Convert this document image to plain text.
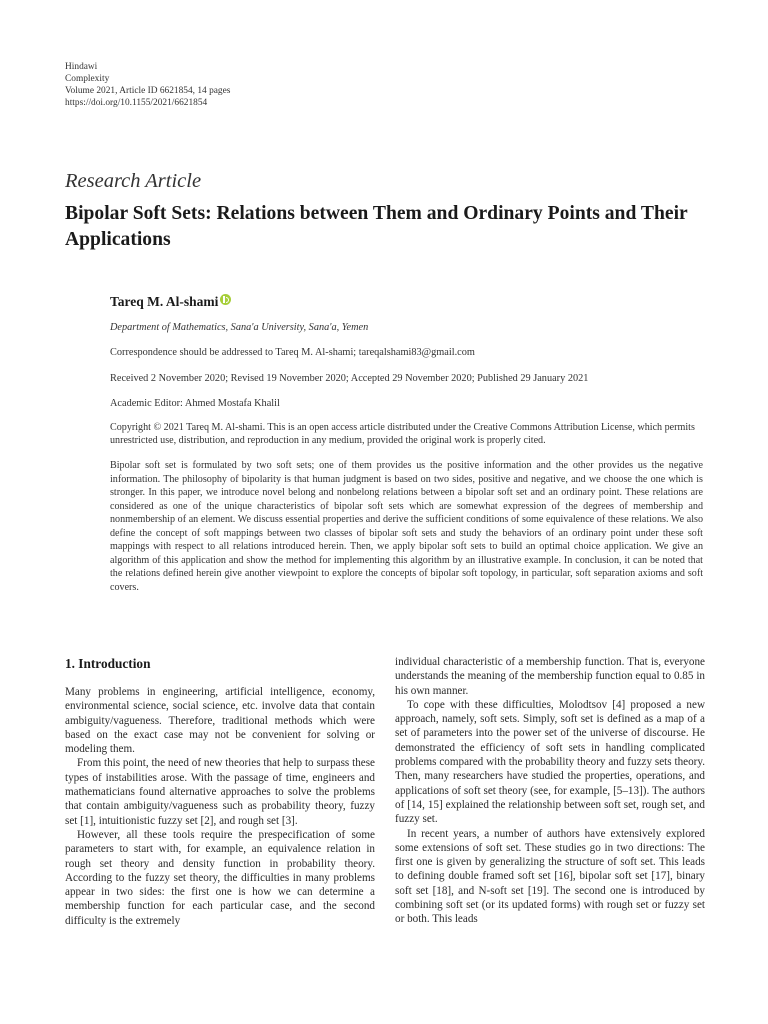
Hindawi
Complexity
Volume 2021, Article ID 6621854, 14 pages
https://doi.org/10.1155/2021/6621854
Research Article
Bipolar Soft Sets: Relations between Them and Ordinary Points and Their Applications
Tareq M. Al-shami
Department of Mathematics, Sana'a University, Sana'a, Yemen
Correspondence should be addressed to Tareq M. Al-shami; tareqalshami83@gmail.com
Received 2 November 2020; Revised 19 November 2020; Accepted 29 November 2020; Published 29 January 2021
Academic Editor: Ahmed Mostafa Khalil
Copyright © 2021 Tareq M. Al-shami. This is an open access article distributed under the Creative Commons Attribution License, which permits unrestricted use, distribution, and reproduction in any medium, provided the original work is properly cited.
Bipolar soft set is formulated by two soft sets; one of them provides us the positive information and the other provides us the negative information. The philosophy of bipolarity is that human judgment is based on two sides, positive and negative, and we choose the one which is stronger. In this paper, we introduce novel belong and nonbelong relations between a bipolar soft set and an ordinary point. These relations are considered as one of the unique characteristics of bipolar soft sets which are somewhat expression of the degrees of membership and nonmembership of an element. We discuss essential properties and derive the sufficient conditions of some equivalence of these relations. We also define the concept of soft mappings between two classes of bipolar soft sets and study the behaviors of an ordinary point under these soft mappings with respect to all relations introduced herein. Then, we apply bipolar soft sets to build an optimal choice application. We give an algorithm of this application and show the method for implementing this algorithm by an illustrative example. In conclusion, it can be noted that the relations defined herein give another viewpoint to explore the concepts of bipolar soft topology, in particular, soft separation axioms and soft covers.
1. Introduction

Many problems in engineering, artificial intelligence, economy, environmental science, social science, etc. involve data that contain ambiguity/vagueness. Therefore, traditional methods which were based on the exact case may not be convenient for solving or modeling them.

From this point, the need of new theories that help to surpass these types of instabilities arose. With the passage of time, engineers and mathematicians found alternative approaches to solve the problems that contain ambiguity/vagueness such as probability theory, fuzzy set [1], intuitionistic fuzzy set [2], and rough set [3].

However, all these tools require the prespecification of some parameters to start with, for example, an equivalence relation in rough set theory and density function in probability theory. According to the fuzzy set theory, the difficulties in many problems appear in two sides: the first one is how we can determine a membership function for each particular case, and the second difficulty is the extremely

individual characteristic of a membership function. That is, everyone understands the meaning of the membership function equal to 0.85 in his own manner.

To cope with these difficulties, Molodtsov [4] proposed a new approach, namely, soft sets. Simply, soft set is defined as a map of a set of parameters into the power set of the universe of discourse. He demonstrated the efficiency of soft sets in handling complicated problems compared with the probability theory and fuzzy sets theory. Then, many researchers have studied the properties, operations, and applications of soft set theory (see, for example, [5–13]). The authors of [14, 15] explained the relationship between soft set, rough set, and fuzzy set.

In recent years, a number of authors have extensively explored some extensions of soft set. These studies go in two directions: The first one is given by generalizing the structure of soft set. This leads to defining double framed soft set [16], bipolar soft set [17], binary soft set [18], and N-soft set [19]. The second one is introduced by combining soft set (or its updated forms) with rough set or fuzzy set or both. This leads
